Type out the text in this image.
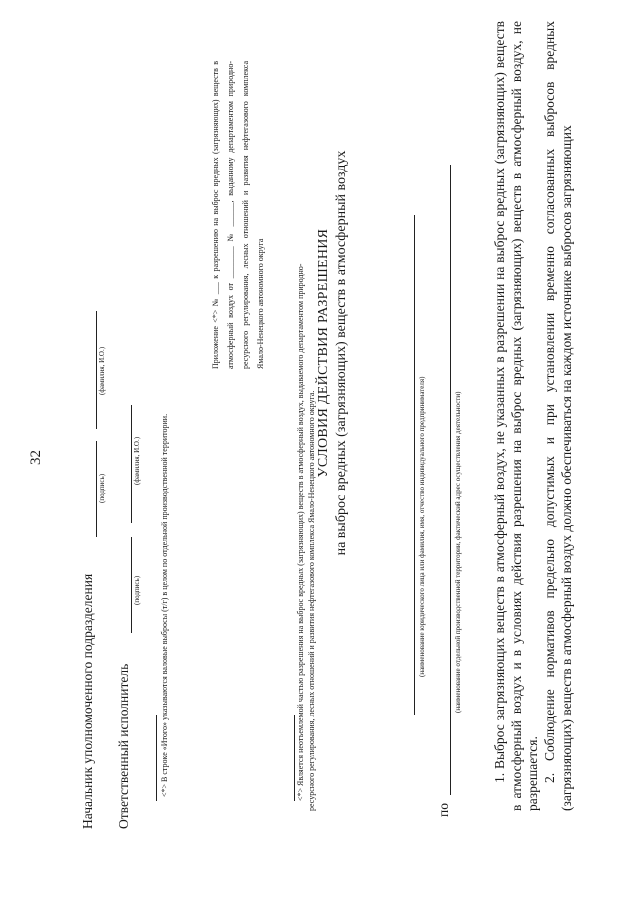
32
Начальник уполномоченного подразделения
(подпись)
(фамилия, И.О.)
Ответственный исполнитель
(подпись)
(фамилия, И.О.) <*> В строке «Итого» указываются валовые выбросы (т/г) в целом по отдельной производственной территории.
Приложение <*> № ___ к разрешению на выброс вредных (загрязняющих) веществ в атмосферный воздух от ________ № ______, выданному департаментом природно-ресурсного регулирования, лесных отношений и развития нефтегазового комплекса Ямало-Ненецкого автономного округа	<*> Является неотъемлемой частью разрешения на выброс вредных (загрязняющих) веществ в атмосферный воздух, выдаваемого департаментом природно- ресурсного регулирования, лесных отношений и развития нефтегазового комплекса Ямало-Ненецкого автономного округа.
УСЛОВИЯ ДЕЙСТВИЯ РАЗРЕШЕНИЯ на выброс вредных (загрязняющих) веществ в атмосферный воздух	(наименование юридического лица или фамилия, имя, отчество индивидуального предпринимателя)
по
(наименование отдельной производственной территории, фактический адрес осуществления деятельности) 1. Выброс загрязняющих веществ в атмосферный воздух, не указанных в разрешении на выброс вредных (загрязняющих) веществ в атмосферный воздух и в условиях действия разрешения на выброс вредных (загрязняющих) веществ в атмосферный воздух, не разрешается. 2. Соблюдение нормативов предельно допустимых и при установлении временно согласованных выбросов вредных (загрязняющих) веществ в атмосферный воздух должно обеспечиваться на каждом источнике выбросов загрязняющих
